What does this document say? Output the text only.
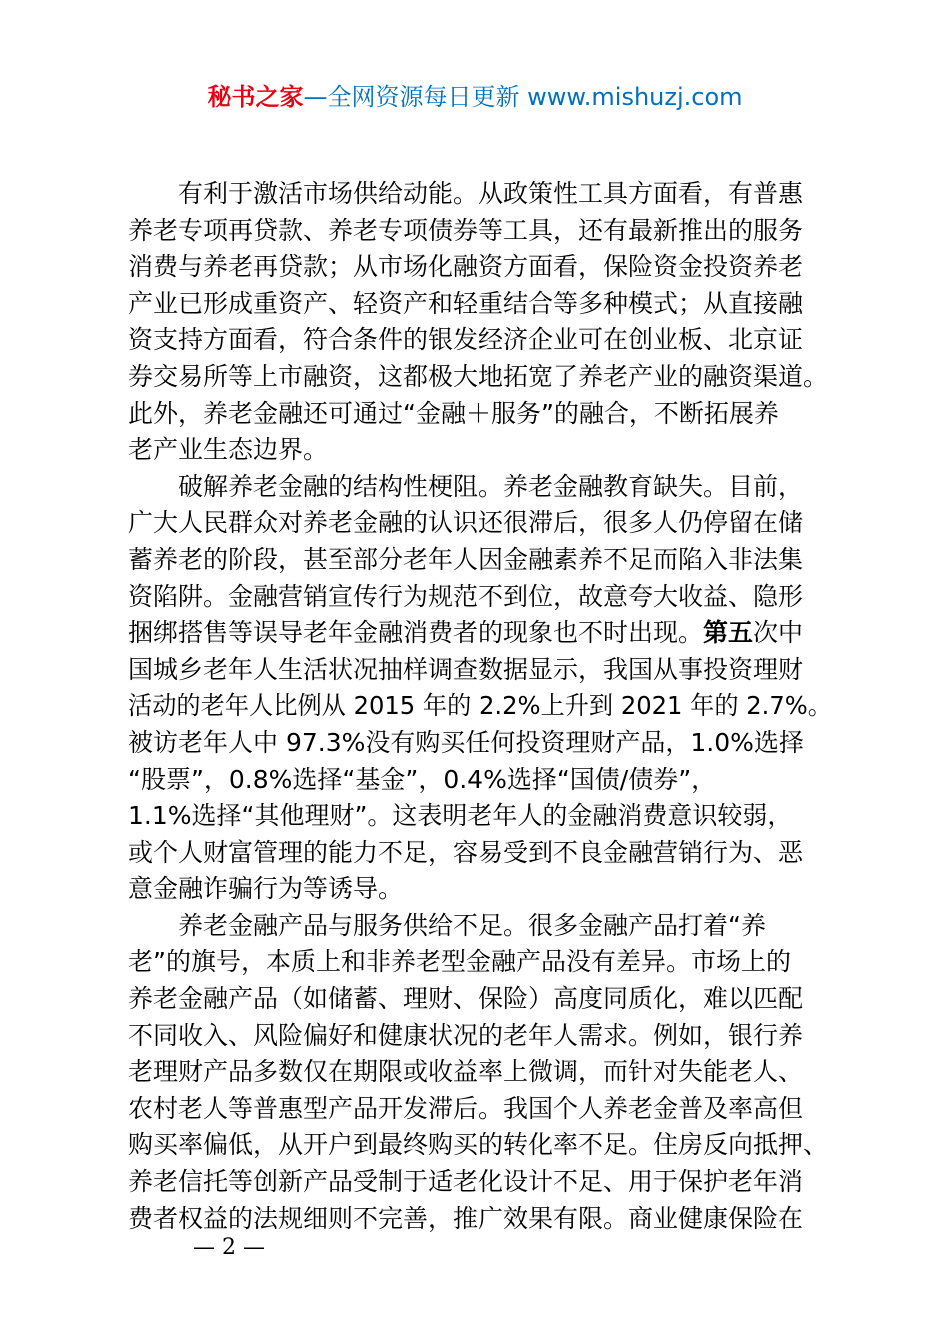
秘书之家—全网资源每日更新 www.mishuzj.com
有利于激活市场供给动能。从政策性工具方面看，有普惠
养老专项再贷款、养老专项债券等工具，还有最新推出的服务
消费与养老再贷款；从市场化融资方面看，保险资金投资养老
产业已形成重资产、轻资产和轻重结合等多种模式；从直接融
资支持方面看，符合条件的银发经济企业可在创业板、北京证
券交易所等上市融资，这都极大地拓宽了养老产业的融资渠道。
此外，养老金融还可通过“金融＋服务”的融合，不断拓展养
老产业生态边界。
破解养老金融的结构性梗阻。养老金融教育缺失。目前，
广大人民群众对养老金融的认识还很滞后，很多人仍停留在储
蓄养老的阶段，甚至部分老年人因金融素养不足而陷入非法集
资陷阱。金融营销宣传行为规范不到位，故意夸大收益、隐形
捆绑搭售等误导老年金融消费者的现象也不时出现。第五次中
国城乡老年人生活状况抽样调查数据显示，我国从事投资理财
活动的老年人比例从 2015 年的 2.2%上升到 2021 年的 2.7%。
被访老年人中 97.3%没有购买任何投资理财产品，1.0%选择
“股票”，0.8%选择“基金”，0.4%选择“国债/债券”，
1.1%选择“其他理财”。这表明老年人的金融消费意识较弱，
或个人财富管理的能力不足，容易受到不良金融营销行为、恶
意金融诈骗行为等诱导。
养老金融产品与服务供给不足。很多金融产品打着“养
老”的旗号，本质上和非养老型金融产品没有差异。市场上的
养老金融产品（如储蓄、理财、保险）高度同质化，难以匹配
不同收入、风险偏好和健康状况的老年人需求。例如，银行养
老理财产品多数仅在期限或收益率上微调，而针对失能老人、
农村老人等普惠型产品开发滞后。我国个人养老金普及率高但
购买率偏低，从开户到最终购买的转化率不足。住房反向抵押、
养老信托等创新产品受制于适老化设计不足、用于保护老年消
费者权益的法规细则不完善，推广效果有限。商业健康保险在
— 2 —
